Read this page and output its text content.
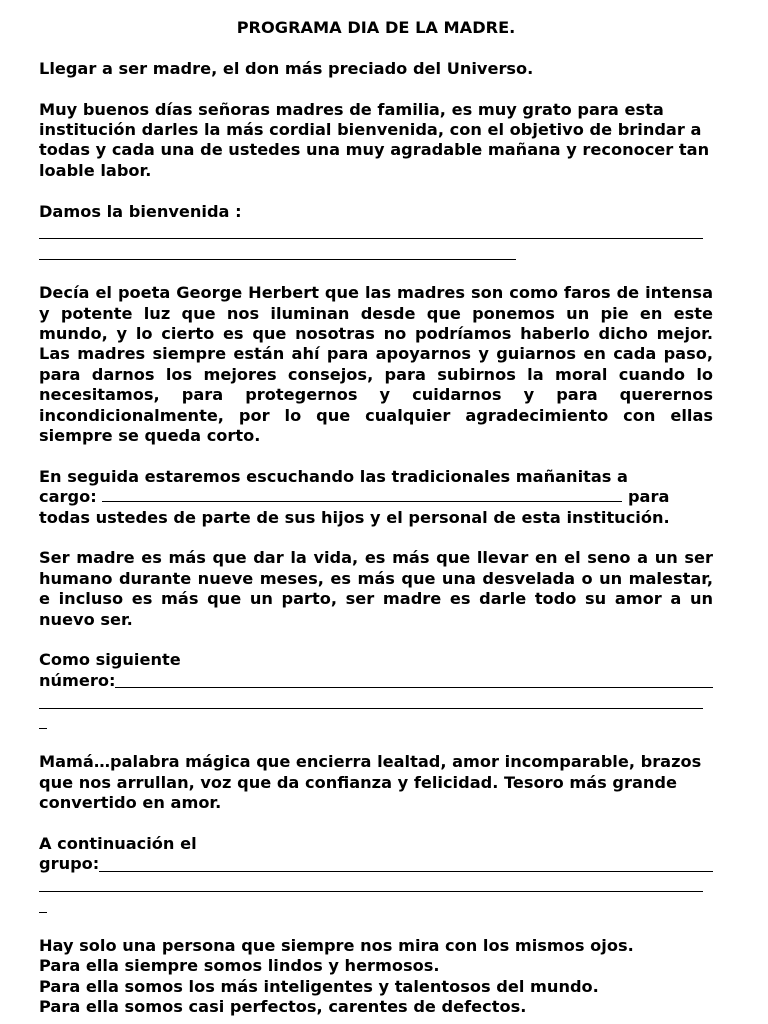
PROGRAMA DIA DE LA MADRE.

Llegar a ser madre, el don más preciado del Universo.

Muy buenos días señoras madres de familia, es muy grato para esta institución darles la más cordial bienvenida, con el objetivo de brindar a todas y cada una de ustedes una muy agradable mañana y reconocer tan loable labor.

Damos la bienvenida :

Decía el poeta George Herbert que las madres son como faros de intensa y potente luz que nos iluminan desde que ponemos un pie en este mundo, y lo cierto es que nosotras no podríamos haberlo dicho mejor. Las madres siempre están ahí para apoyarnos y guiarnos en cada paso, para darnos los mejores consejos, para subirnos la moral cuando lo necesitamos, para protegernos y cuidarnos y para querernos incondicionalmente, por lo que cualquier agradecimiento con ellas siempre se queda corto.

En seguida estaremos escuchando las tradicionales mañanitas a
cargo:	para
todas ustedes de parte de sus hijos y el personal de esta institución.

Ser madre es más que dar la vida, es más que llevar en el seno a un ser humano durante nueve meses, es más que una desvelada o un malestar, e incluso es más que un parto, ser madre es darle todo su amor a un nuevo ser.

Como siguiente
número:

Mamá…palabra mágica que encierra lealtad, amor incomparable, brazos que nos arrullan, voz que da confianza y felicidad. Tesoro más grande convertido en amor.

A continuación el
grupo:
Hay solo una persona que siempre nos mira con los mismos ojos.
Para ella siempre somos lindos y hermosos.
Para ella somos los más inteligentes y talentosos del mundo.
Para ella somos casi perfectos, carentes de defectos.
